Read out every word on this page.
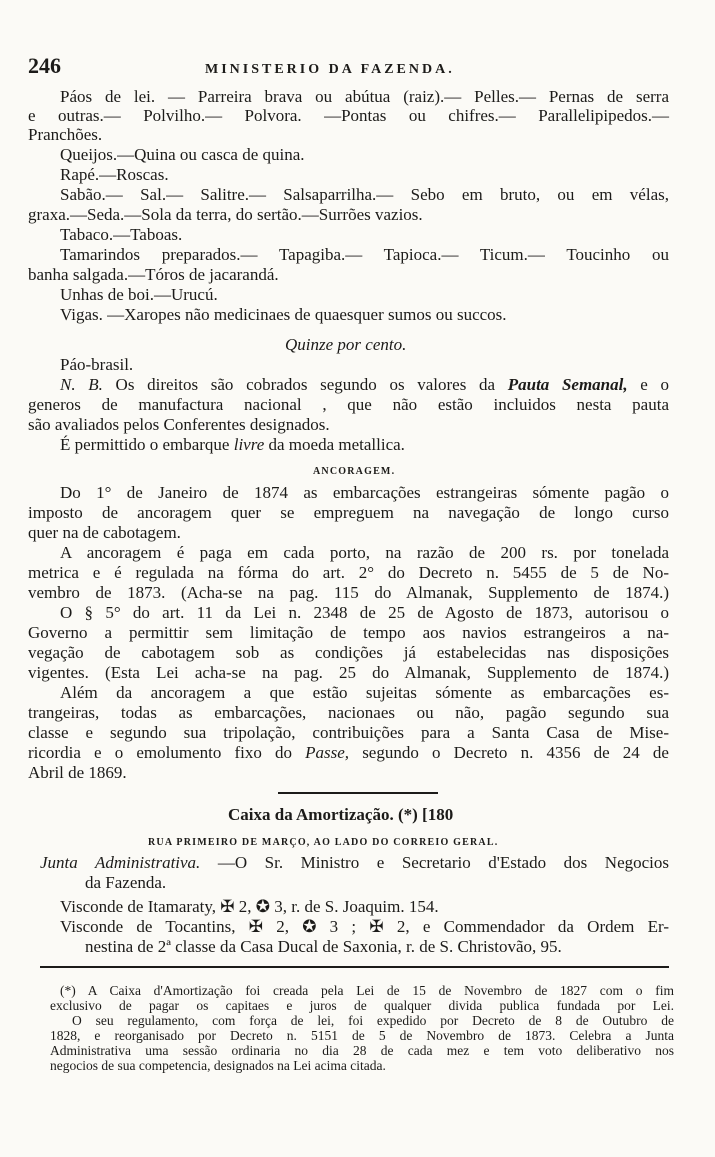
246	MINISTERIO DA FAZENDA.
Páos de lei. — Parreira brava ou abútua (raiz).— Pelles.— Pernas de serra
e outras.— Polvilho.— Polvora. —Pontas ou chifres.— Parallelipipedos.—
Pranchões.
Queijos.—Quina ou casca de quina.
Rapé.—Roscas.
Sabão.— Sal.— Salitre.— Salsaparrilha.— Sebo em bruto, ou em vélas,
graxa.—Seda.—Sola da terra, do sertão.—Surrões vazios.
Tabaco.—Taboas.
Tamarindos preparados.— Tapagiba.— Tapioca.— Ticum.— Toucinho ou
banha salgada.—Tóros de jacarandá.
Unhas de boi.—Urucú.
Vigas. —Xaropes não medicinaes de quaesquer sumos ou succos.
Quinze por cento.
Páo-brasil.
N. B. Os direitos são cobrados segundo os valores da Pauta Semanal, e o
generos de manufactura nacional , que não estão incluidos nesta pauta
são avaliados pelos Conferentes designados.
É permittido o embarque livre da moeda metallica.
ANCORAGEM.
Do 1° de Janeiro de 1874 as embarcações estrangeiras sómente pagão o
imposto de ancoragem quer se empreguem na navegação de longo curso
quer na de cabotagem.
A ancoragem é paga em cada porto, na razão de 200 rs. por tonelada
metrica e é regulada na fórma do art. 2° do Decreto n. 5455 de 5 de No-
vembro de 1873. (Acha-se na pag. 115 do Almanak, Supplemento de 1874.)
O § 5° do art. 11 da Lei n. 2348 de 25 de Agosto de 1873, autorisou o
Governo a permittir sem limitação de tempo aos navios estrangeiros a na-
vegação de cabotagem sob as condições já estabelecidas nas disposições
vigentes. (Esta Lei acha-se na pag. 25 do Almanak, Supplemento de 1874.)
Além da ancoragem a que estão sujeitas sómente as embarcações es-
trangeiras, todas as embarcações, nacionaes ou não, pagão segundo sua
classe e segundo sua tripolação, contribuições para a Santa Casa de Mise-
ricordia e o emolumento fixo do Passe, segundo o Decreto n. 4356 de 24 de
Abril de 1869.
Caixa da Amortização. (*) [180
RUA PRIMEIRO DE MARÇO, AO LADO DO CORREIO GERAL.
Junta Administrativa. —O Sr. Ministro e Secretario d'Estado dos Negocios
da Fazenda.
Visconde de Itamaraty, ✠ 2, ✪ 3, r. de S. Joaquim. 154.
Visconde de Tocantins, ✠ 2, ✪ 3 ; ✠ 2, e Commendador da Ordem Er-
nestina de 2ª classe da Casa Ducal de Saxonia, r. de S. Christovão, 95.
(*) A Caixa d'Amortização foi creada pela Lei de 15 de Novembro de 1827 com o fim
exclusivo de pagar os capitaes e juros de qualquer divida publica fundada por Lei.
O seu regulamento, com força de lei, foi expedido por Decreto de 8 de Outubro de
1828, e reorganisado por Decreto n. 5151 de 5 de Novembro de 1873. Celebra a Junta
Administrativa uma sessão ordinaria no dia 28 de cada mez e tem voto deliberativo nos
negocios de sua competencia, designados na Lei acima citada.
